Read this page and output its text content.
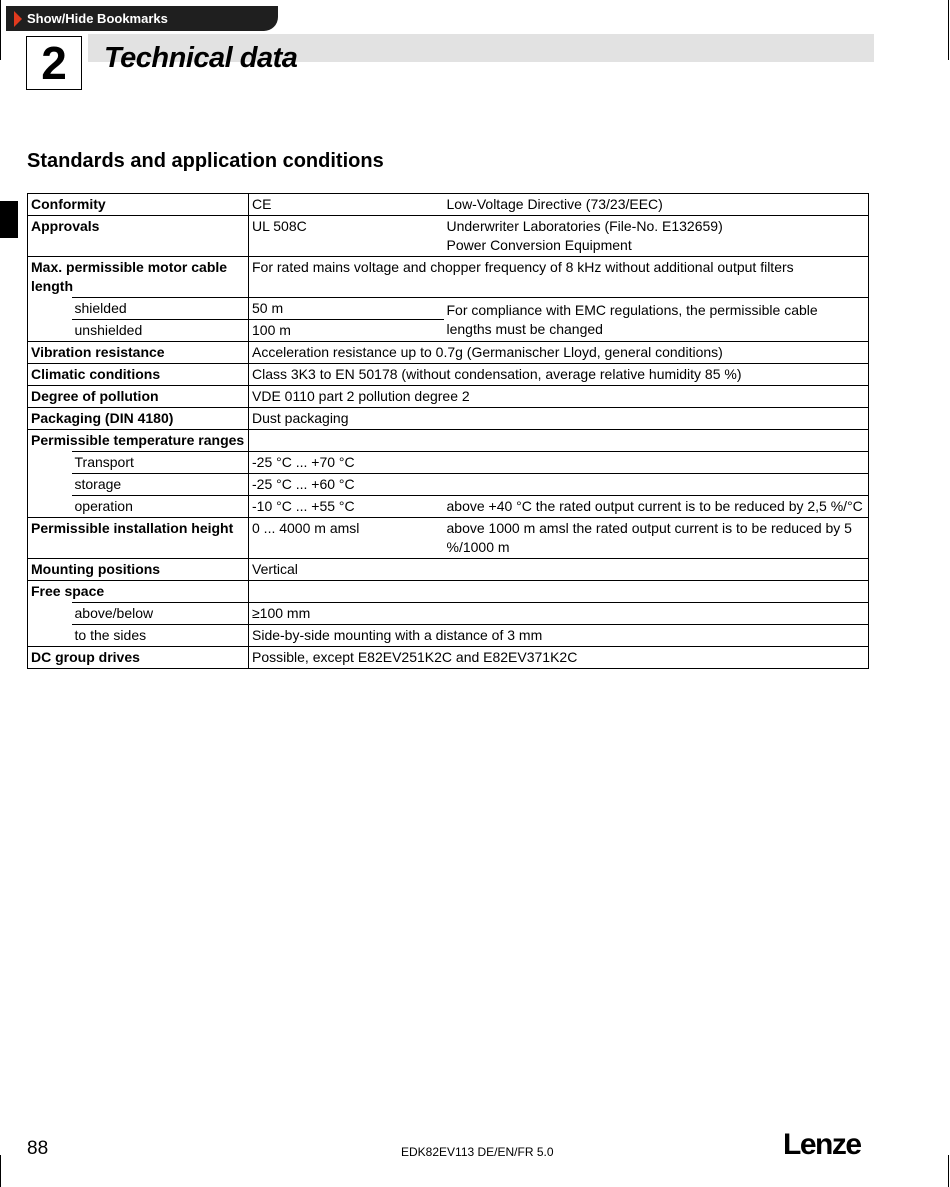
Show/Hide Bookmarks
2	Technical data
Standards and application conditions
Conformity		CE	Low-Voltage Directive (73/23/EEC)
Approvals		UL 508C	Underwriter Laboratories (File-No. E132659)
Power Conversion Equipment

Max. permissible motor cable length		For rated mains voltage and chopper frequency of 8 kHz without additional output filters	
	shielded	50 m	For compliance with EMC regulations, the permissible cable lengths must be changed
	unshielded	100 m	
Vibration resistance		Acceleration resistance up to 0.7g (Germanischer Lloyd, general conditions)	
Climatic conditions		Class 3K3 to EN 50178 (without condensation, average relative humidity 85 %)	
Degree of pollution		VDE 0110 part 2 pollution degree 2	
Packaging (DIN 4180)		Dust packaging	
Permissible temperature ranges			
	Transport	-25 °C ... +70 °C	
	storage	-25 °C ... +60 °C	
	operation	-10 °C ... +55 °C	above +40 °C the rated output current is to be reduced by 2,5 %/°C
Permissible installation height		0 ... 4000 m amsl	above 1000 m amsl the rated output current is to be reduced by 5 %/1000 m
Mounting positions		Vertical	
Free space			
	above/below	≥100 mm	
	to the sides	Side-by-side mounting with a distance of 3 mm	
DC group drives		Possible, except E82EV251K2C and E82EV371K2C	
88	EDK82EV113 DE/EN/FR 5.0	Lenze
